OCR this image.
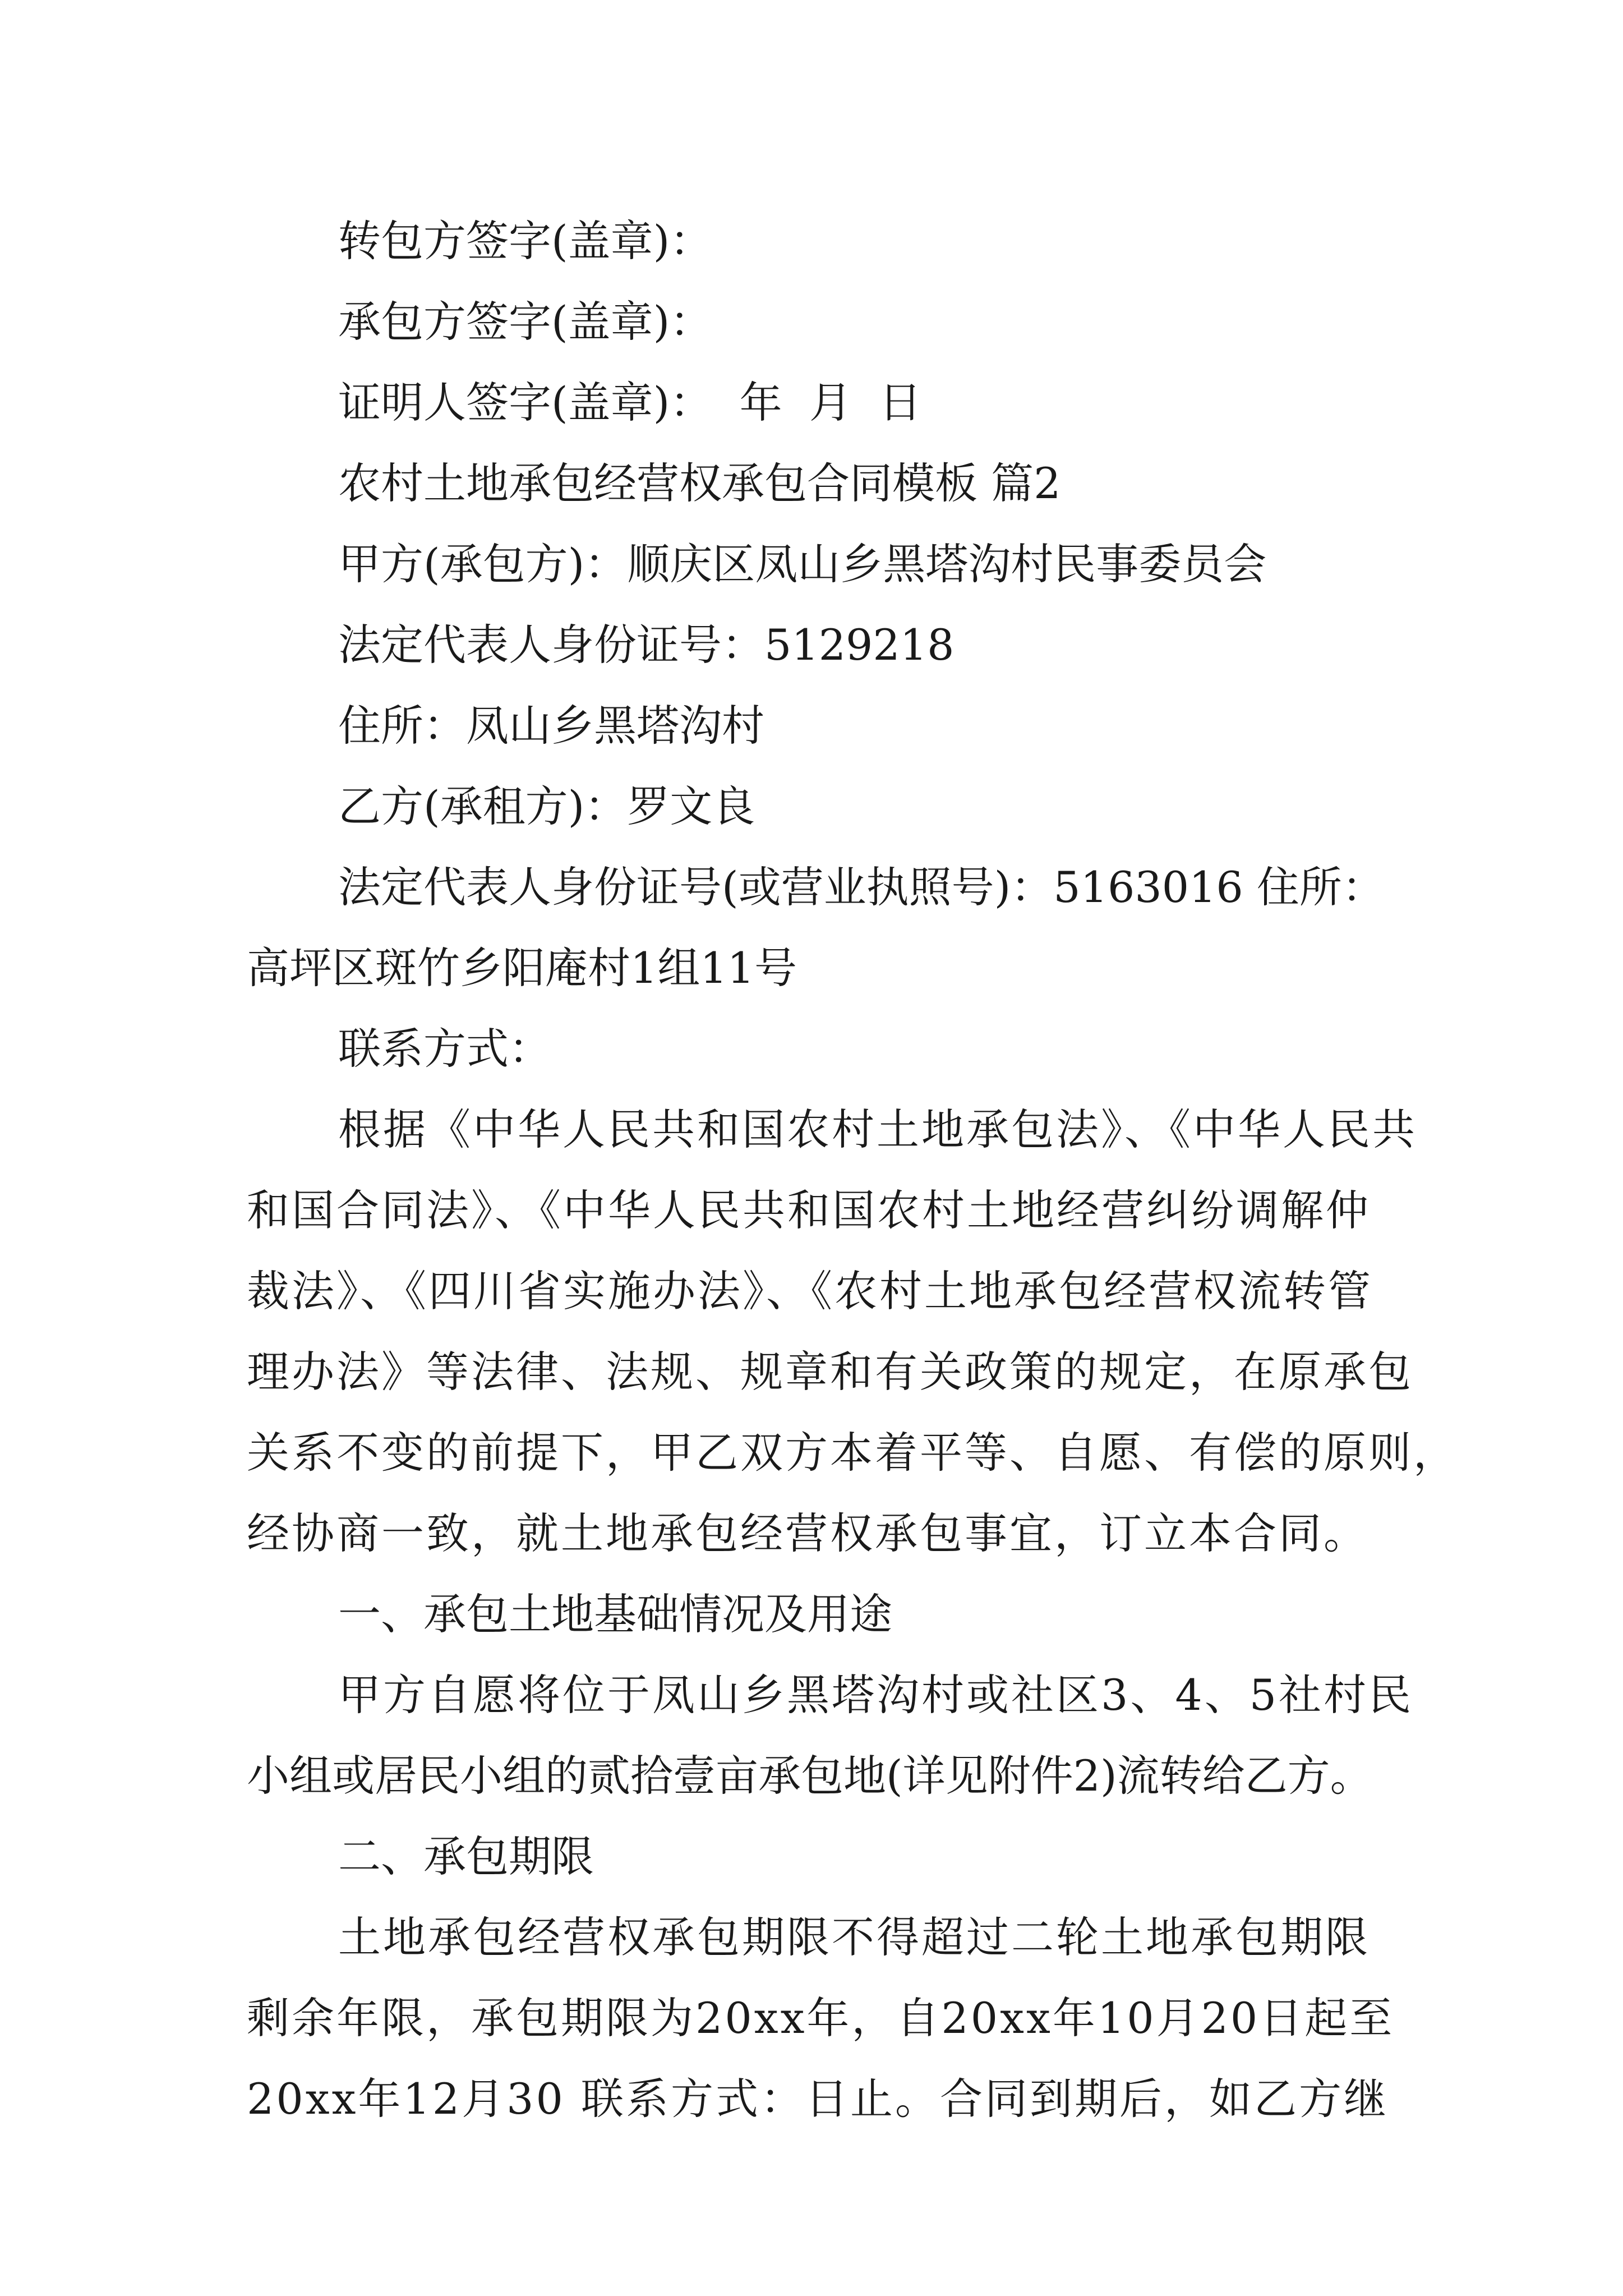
转包方签字(盖章)：
承包方签字(盖章)：
证明人签字(盖章)：  年  月  日
农村土地承包经营权承包合同模板 篇2
甲方(承包方)：顺庆区凤山乡黑塔沟村民事委员会
法定代表人身份证号：5129218
住所：凤山乡黑塔沟村
乙方(承租方)：罗文良
法定代表人身份证号(或营业执照号)：5163016 住所：
高坪区斑竹乡阳庵村1组11号
联系方式：
根据《中华人民共和国农村土地承包法》、《中华人民共
和国合同法》、《中华人民共和国农村土地经营纠纷调解仲
裁法》、《四川省实施办法》、《农村土地承包经营权流转管
理办法》等法律、法规、规章和有关政策的规定，在原承包
关系不变的前提下，甲乙双方本着平等、自愿、有偿的原则，
经协商一致，就土地承包经营权承包事宜，订立本合同。
一、承包土地基础情况及用途
甲方自愿将位于凤山乡黑塔沟村或社区3、4、5社村民
小组或居民小组的贰拾壹亩承包地(详见附件2)流转给乙方。
二、承包期限
土地承包经营权承包期限不得超过二轮土地承包期限
剩余年限，承包期限为20xx年，自20xx年10月20日起至
20xx年12月30 联系方式：日止。合同到期后，如乙方继
